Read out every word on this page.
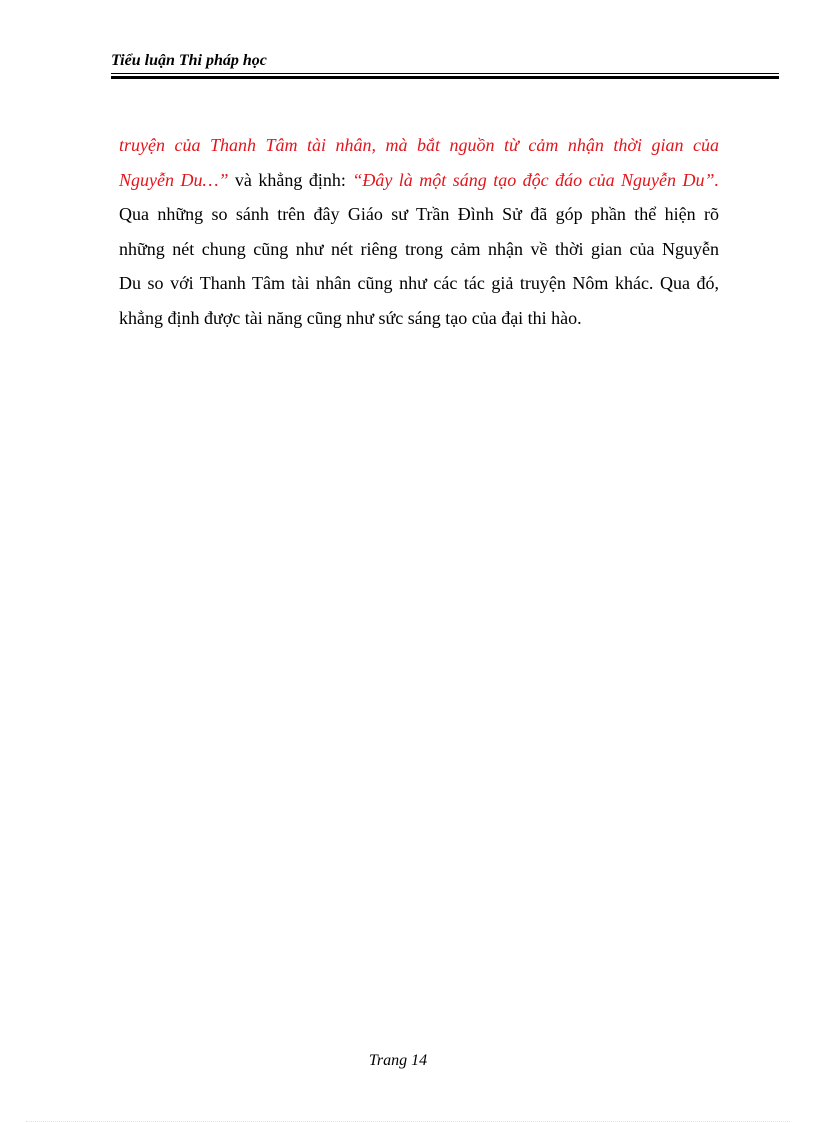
Tiểu luận Thi pháp học
truyện của Thanh Tâm tài nhân, mà bắt nguồn từ cảm nhận thời gian của
Nguyễn Du…” và khẳng định: “Đây là một sáng tạo độc đáo của Nguyễn Du”.
Qua những so sánh trên đây Giáo sư Trần Đình Sử đã góp phần thể hiện rõ
những nét chung cũng như nét riêng trong cảm nhận về thời gian của Nguyễn
Du so với Thanh Tâm tài nhân cũng như các tác giả truyện Nôm khác. Qua đó,
khẳng định được tài năng cũng như sức sáng tạo của đại thi hào.
Trang 14
